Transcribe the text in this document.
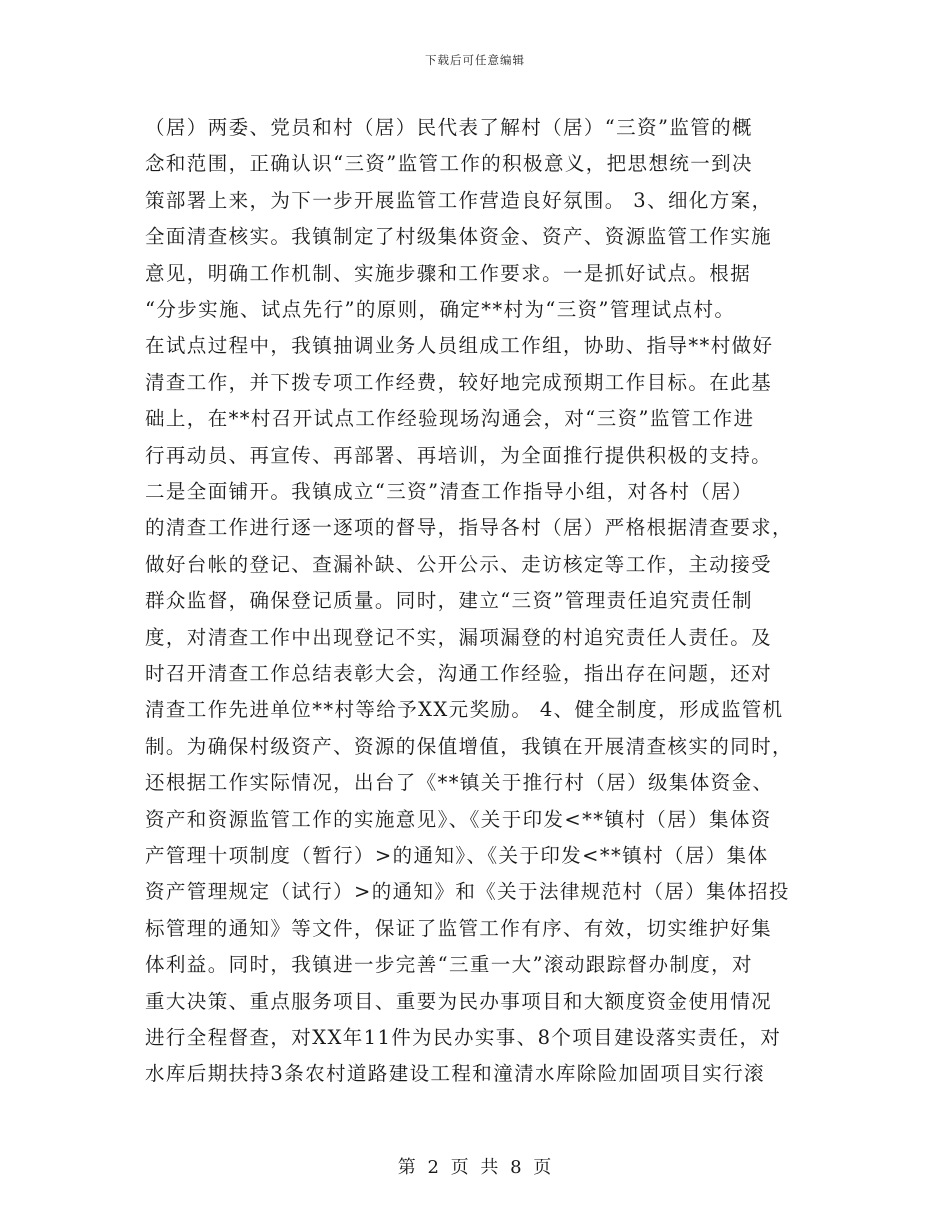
下载后可任意编辑
（居）两委、党员和村（居）民代表了解村（居）“三资”监管的概
念和范围，正确认识“三资”监管工作的积极意义，把思想统一到决
策部署上来，为下一步开展监管工作营造良好氛围。 3、细化方案，
全面清查核实。我镇制定了村级集体资金、资产、资源监管工作实施
意见，明确工作机制、实施步骤和工作要求。一是抓好试点。根据
“分步实施、试点先行”的原则，确定**村为“三资”管理试点村。
在试点过程中，我镇抽调业务人员组成工作组，协助、指导**村做好
清查工作，并下拨专项工作经费，较好地完成预期工作目标。在此基
础上，在**村召开试点工作经验现场沟通会，对“三资”监管工作进
行再动员、再宣传、再部署、再培训，为全面推行提供积极的支持。
二是全面铺开。我镇成立“三资”清查工作指导小组，对各村（居）
的清查工作进行逐一逐项的督导，指导各村（居）严格根据清查要求，
做好台帐的登记、查漏补缺、公开公示、走访核定等工作，主动接受
群众监督，确保登记质量。同时，建立“三资”管理责任追究责任制
度，对清查工作中出现登记不实，漏项漏登的村追究责任人责任。及
时召开清查工作总结表彰大会，沟通工作经验，指出存在问题，还对
清查工作先进单位**村等给予XX元奖励。 4、健全制度，形成监管机
制。为确保村级资产、资源的保值增值，我镇在开展清查核实的同时，
还根据工作实际情况，出台了《**镇关于推行村（居）级集体资金、
资产和资源监管工作的实施意见》、《关于印发<**镇村（居）集体资
产管理十项制度（暂行）>的通知》、《关于印发<**镇村（居）集体
资产管理规定（试行）>的通知》和《关于法律规范村（居）集体招投
标管理的通知》等文件，保证了监管工作有序、有效，切实维护好集
体利益。同时，我镇进一步完善“三重一大”滚动跟踪督办制度，对
重大决策、重点服务项目、重要为民办事项目和大额度资金使用情况
进行全程督查，对XX年11件为民办实事、8个项目建设落实责任，对
水库后期扶持3条农村道路建设工程和潼清水库除险加固项目实行滚
第 2 页 共 8 页
